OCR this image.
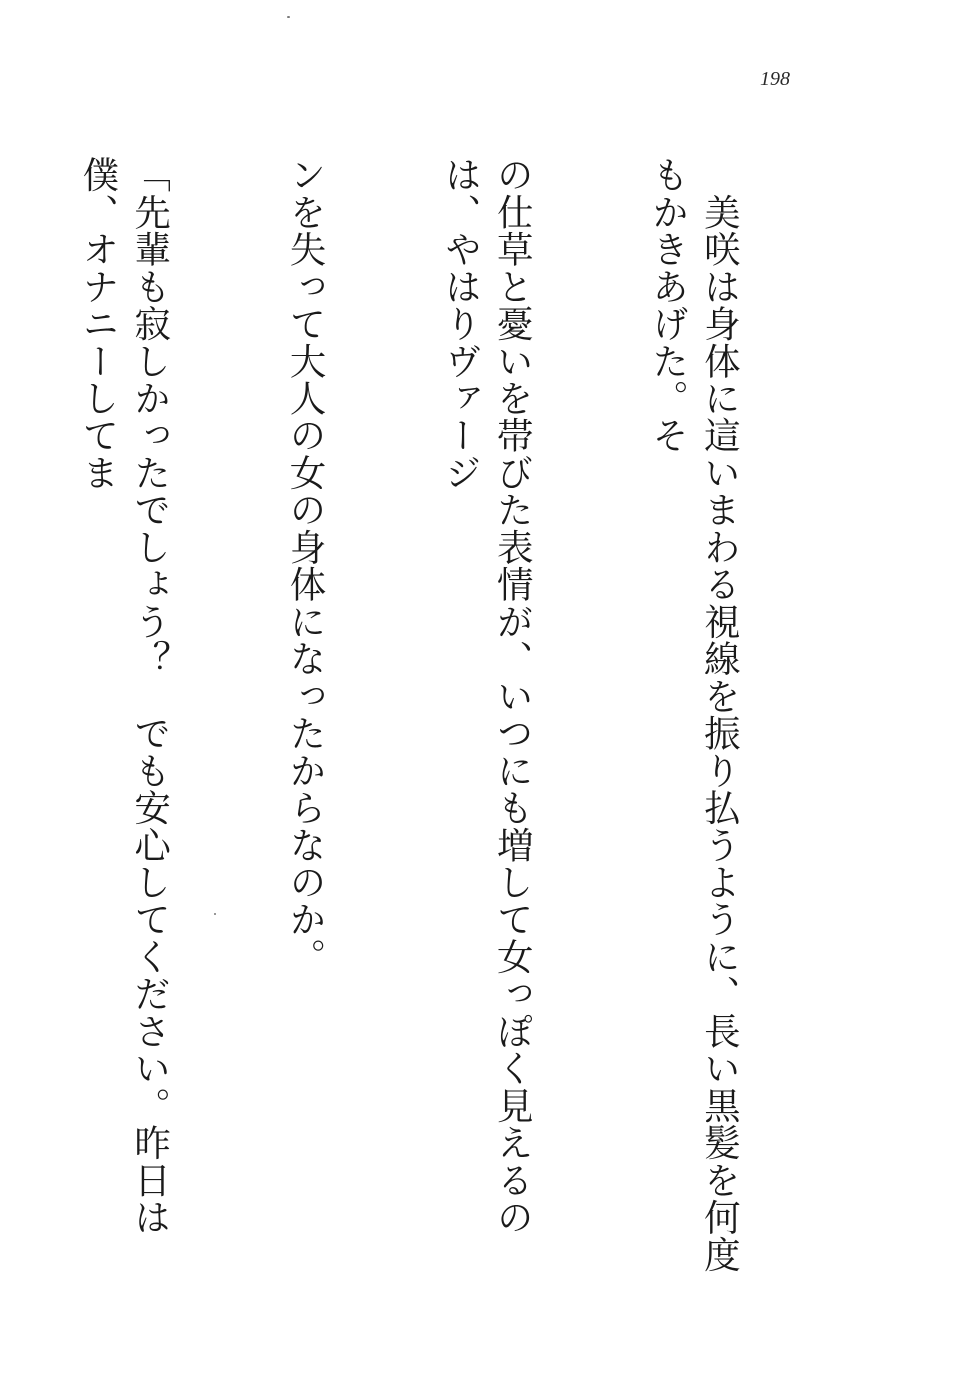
198

　美咲は身体に這いまわる視線を振り払うように、長い黒髪を何度もかきあげた。そ

の仕草と憂いを帯びた表情が、いつにも増して女っぽく見えるのは、やはりヴァージ

ンを失って大人の女の身体になったからなのか。

「先輩も寂しかったでしょう？　でも安心してください。昨日は僕、オナニーしてま
